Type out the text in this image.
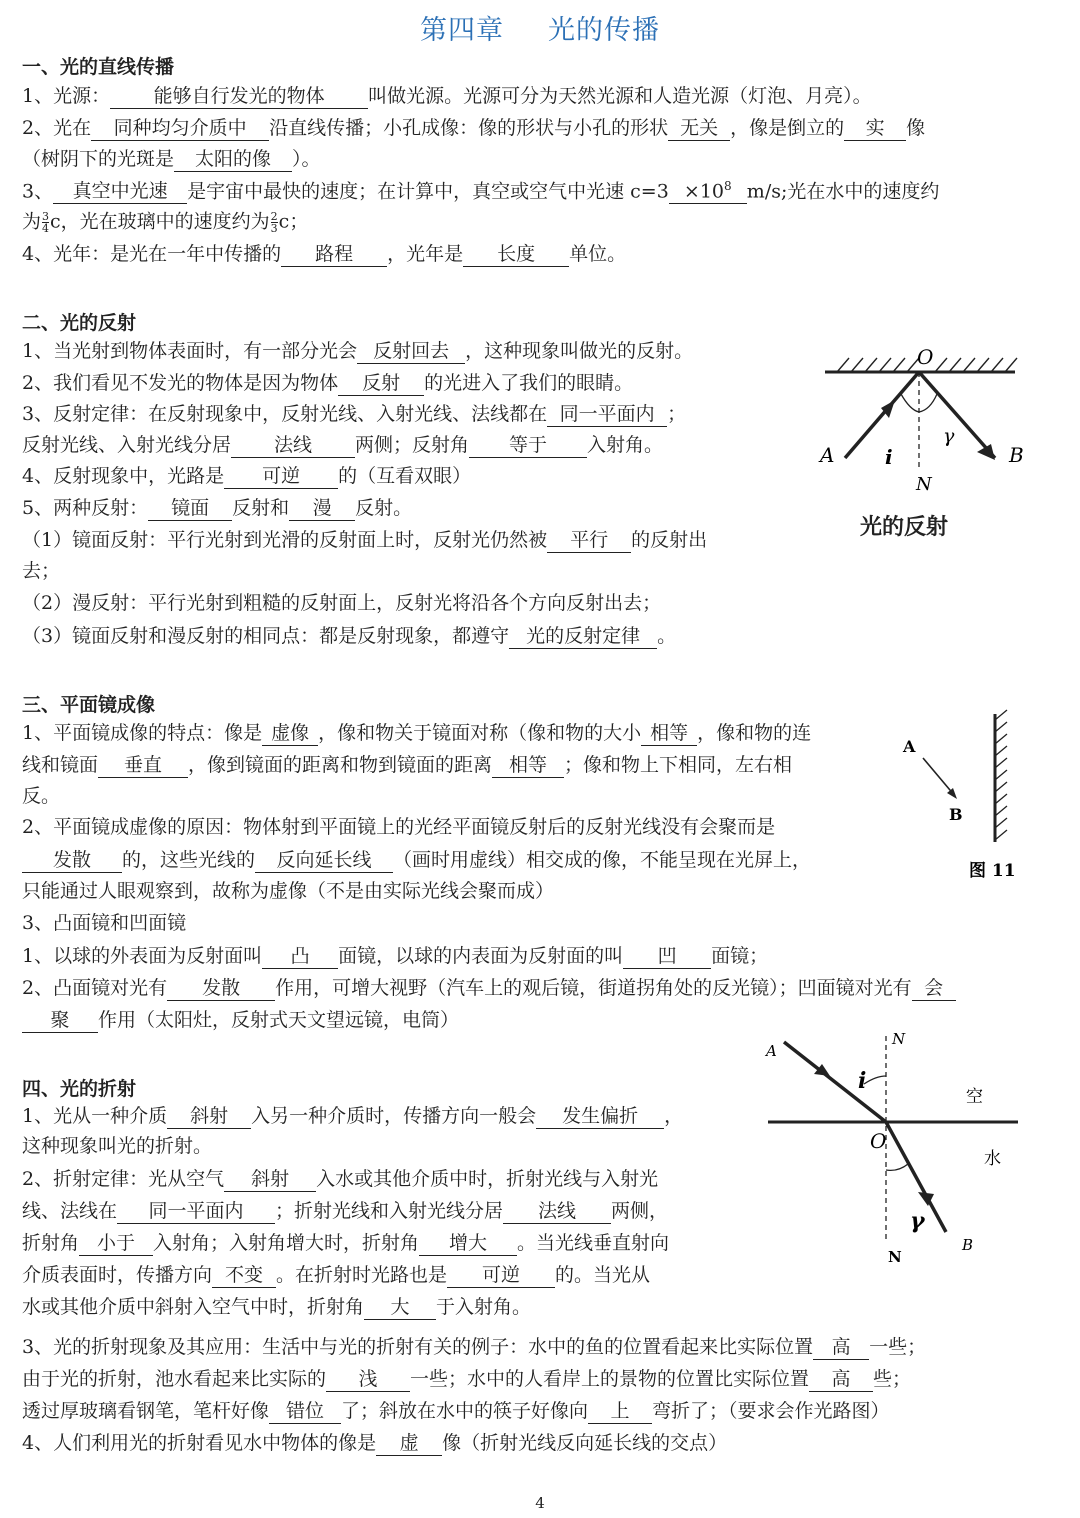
第四章 光的传播
一、光的直线传播
1、光源： 能够自行发光的物体 叫做光源。光源可分为天然光源和人造光源（灯泡、月亮）。
2、光在 同种均匀介质中 沿直线传播；小孔成像：像的形状与小孔的形状 无关 ，像是倒立的 实 像
（树阴下的光斑是 太阳的像 ）。
3、 真空中光速 是宇宙中最快的速度；在计算中，真空或空气中光速 $c=3 \times 10^8$ m/s;光在水中的速度约
为 $\frac{3}{4}$ c，光在玻璃中的速度约为 $\frac{2}{3}$ c；
4、光年：是光在一年中传播的 路程 ，光年是 长度 单位。
二、光的反射
1、当光射到物体表面时，有一部分光会 反射回去 ，这种现象叫做光的反射。
2、我们看见不发光的物体是因为物体 反射 的光进入了我们的眼睛。
3、反射定律：在反射现象中，反射光线、入射光线、法线都在 同一平面内 ；
反射光线、入射光线分居 法线 两侧；反射角 等于 入射角。
4、反射现象中，光路是 可逆 的（互看双眼）
5、两种反射： 镜面 反射和 漫 反射。
（1）镜面反射：平行光射到光滑的反射面上时，反射光仍然被 平行 的反射出
去；
（2）漫反射：平行光射到粗糙的反射面上，反射光将沿各个方向反射出去；
（3）镜面反射和漫反射的相同点：都是反射现象，都遵守 光的反射定律 。
O
A	B
N
i
γ
光的反射
三、平面镜成像
1、平面镜成像的特点：像是 虚像 ，像和物关于镜面对称（像和物的大小 相等 ，像和物的连
线和镜面 垂直 ，像到镜面的距离和物到镜面的距离 相等 ；像和物上下相同，左右相
反。
2、平面镜成虚像的原因：物体射到平面镜上的光经平面镜反射后的反射光线没有会聚而是
发散 的，这些光线的 反向延长线 （画时用虚线）相交成的像，不能呈现在光屏上，
只能通过人眼观察到，故称为虚像（不是由实际光线会聚而成）
3、凸面镜和凹面镜
1、以球的外表面为反射面叫 凸 面镜，以球的内表面为反射面的叫 凹 面镜；
2、凸面镜对光有 发散 作用，可增大视野（汽车上的观后镜，街道拐角处的反光镜）；凹面镜对光有 会
聚 作用（太阳灶，反射式天文望远镜，电筒）
A
B
图 11
四、光的折射
1、光从一种介质 斜射 入另一种介质时，传播方向一般会 发生偏折 ，
这种现象叫光的折射。
2、折射定律：光从空气 斜射 入水或其他介质中时，折射光线与入射光
线、法线在 同一平面内 ；折射光线和入射光线分居 法线 两侧，
折射角 小于 入射角；入射角增大时，折射角 增大 。当光线垂直射向
介质表面时，传播方向 不变 。在折射时光路也是 可逆 的。当光从
水或其他介质中斜射入空气中时，折射角 大 于入射角。
3、光的折射现象及其应用：生活中与光的折射有关的例子：水中的鱼的位置看起来比实际位置 高 一些；
由于光的折射，池水看起来比实际的 浅 一些；水中的人看岸上的景物的位置比实际位置 高 些；
透过厚玻璃看钢笔，笔杆好像 错位 了；斜放在水中的筷子好像向 上 弯折了；（要求会作光路图）
4、人们利用光的折射看见水中物体的像是 虚 像（折射光线反向延长线的交点）
A
N
i
空
O
水
γ
B
N
4
